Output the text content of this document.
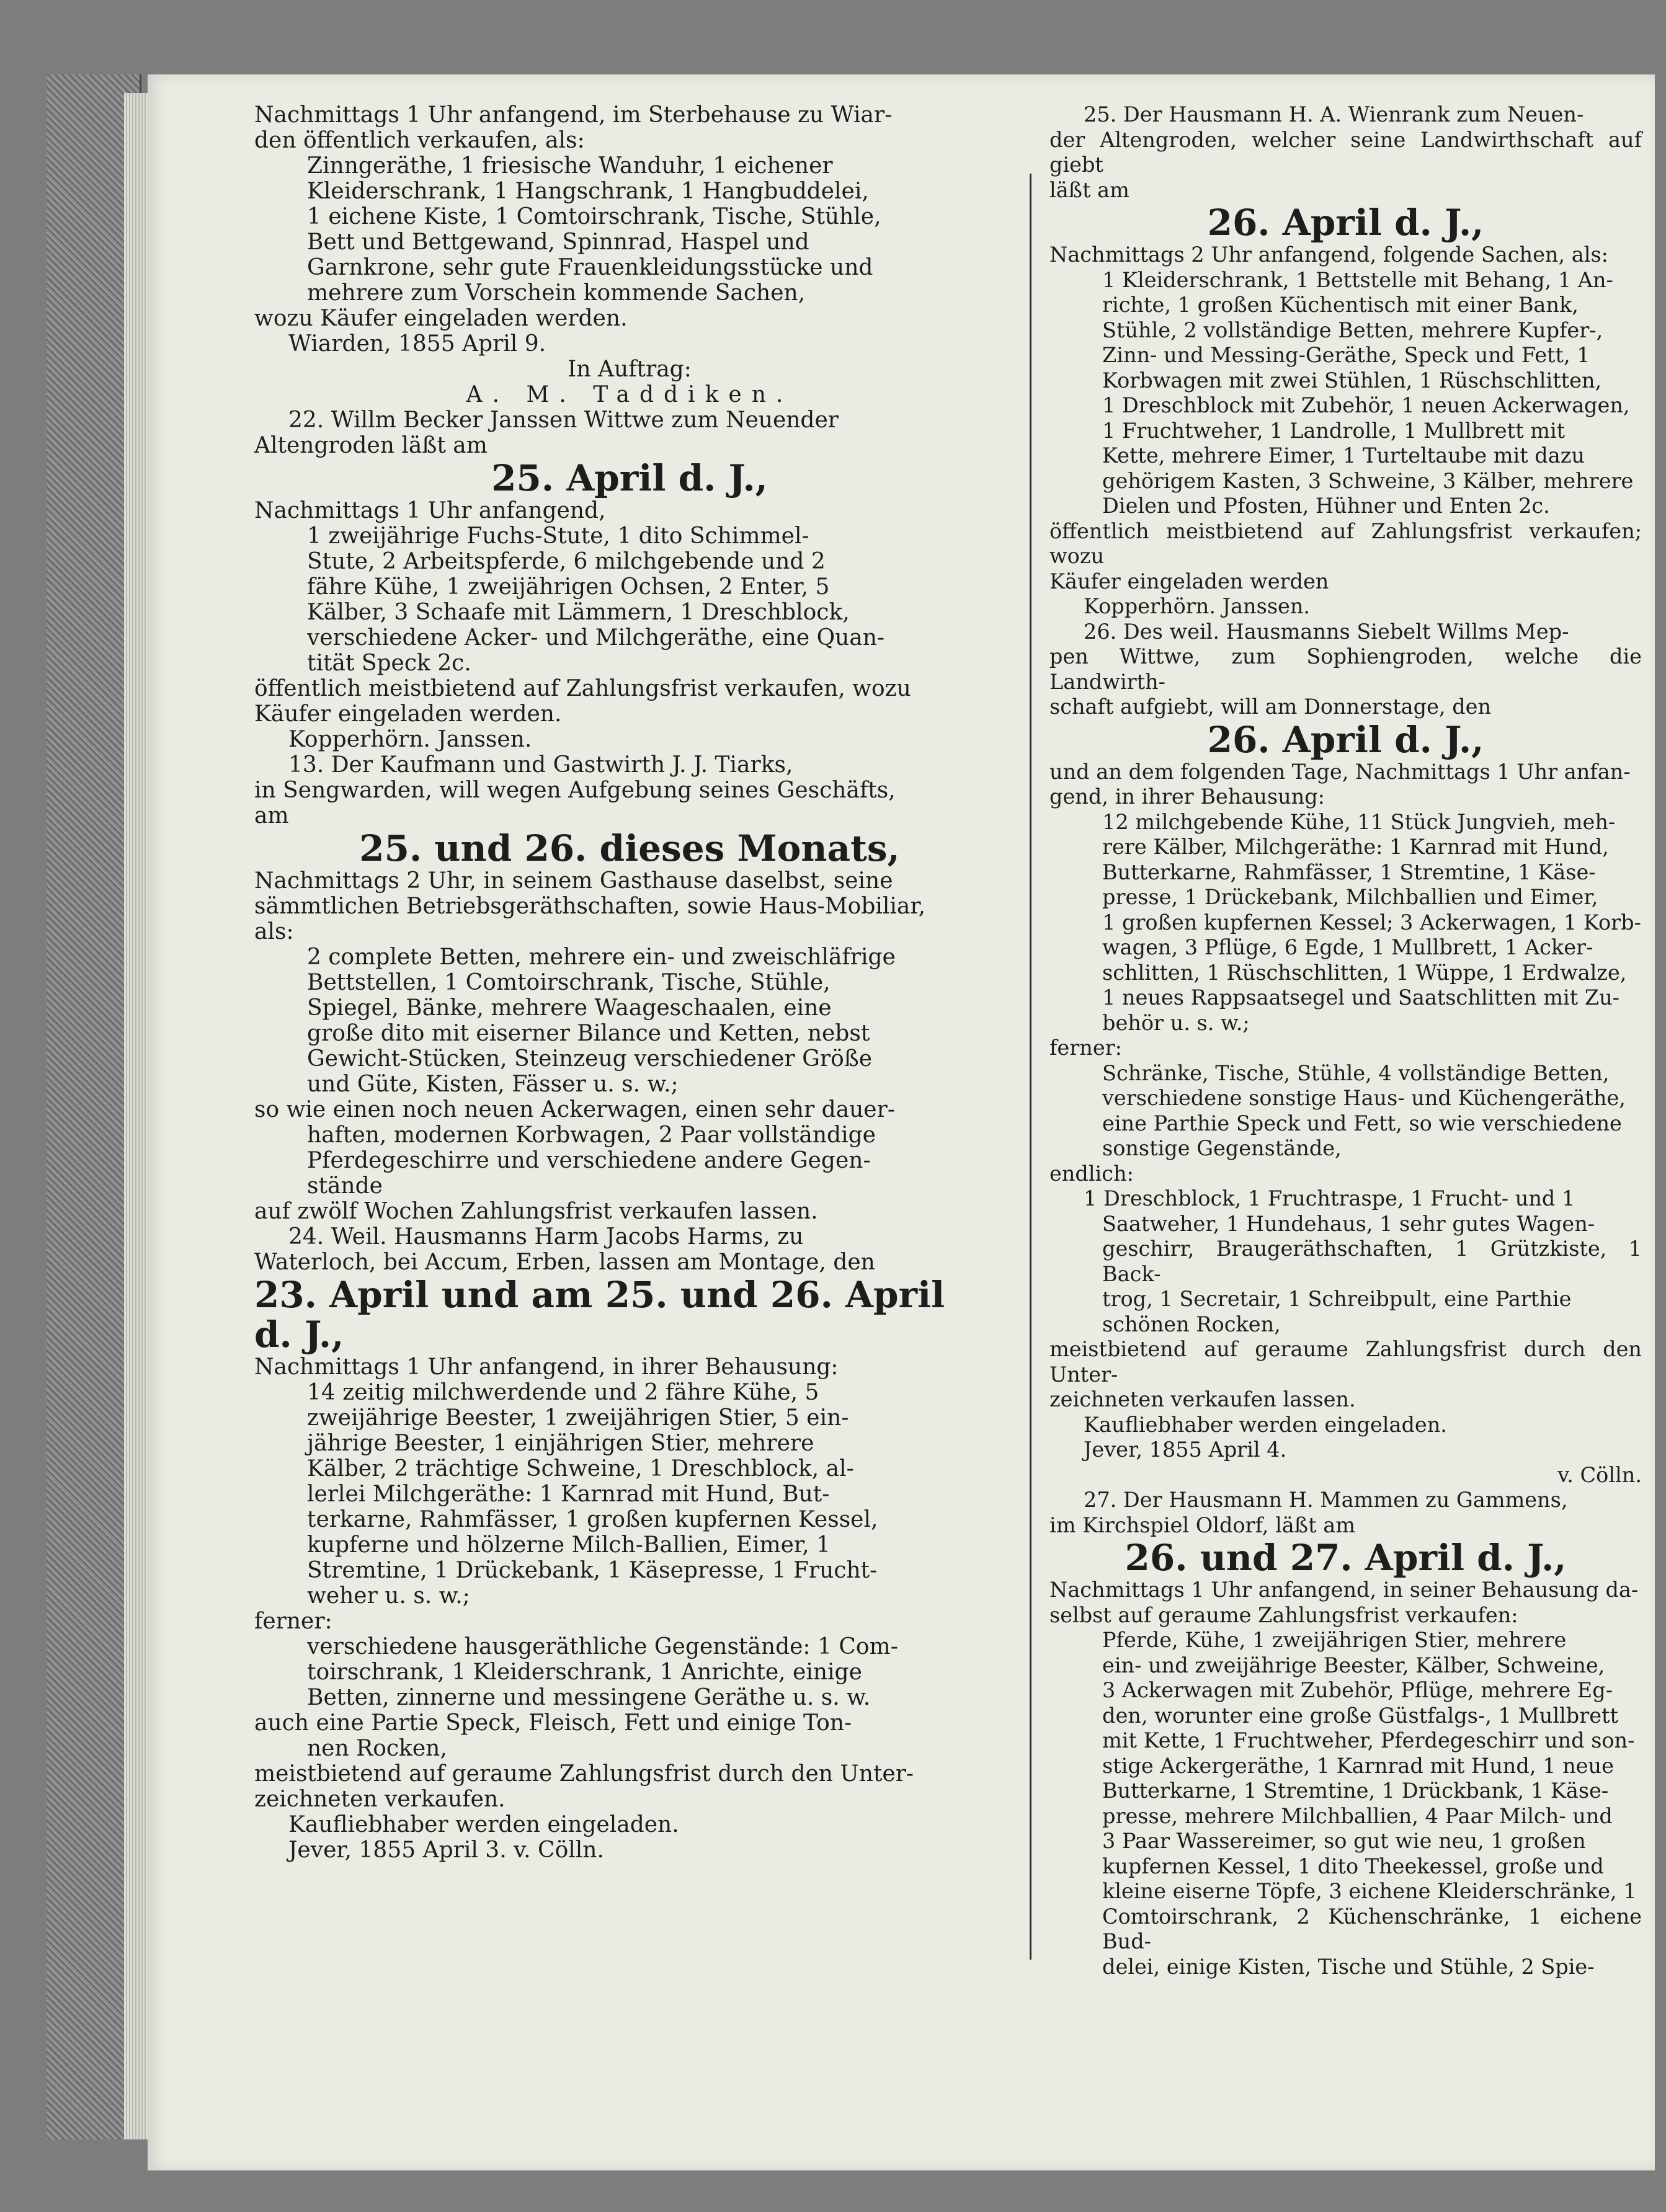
Nachmittags 1 Uhr anfangend, im Sterbehause zu Wiar-

den öffentlich verkaufen, als:

Zinngeräthe, 1 friesische Wanduhr, 1 eichener

Kleiderschrank, 1 Hangschrank, 1 Hangbuddelei,

1 eichene Kiste, 1 Comtoirschrank, Tische, Stühle,

Bett und Bettgewand, Spinnrad, Haspel und

Garnkrone, sehr gute Frauenkleidungsstücke und

mehrere zum Vorschein kommende Sachen,

wozu Käufer eingeladen werden.

Wiarden, 1855 April 9.

In Auftrag:

A. M. Taddiken.

22. Willm Becker Janssen Wittwe zum Neuender

Altengroden läßt am

25. April d. J.,

Nachmittags 1 Uhr anfangend,

1 zweijährige Fuchs-Stute, 1 dito Schimmel-

Stute, 2 Arbeitspferde, 6 milchgebende und 2

fähre Kühe, 1 zweijährigen Ochsen, 2 Enter, 5

Kälber, 3 Schaafe mit Lämmern, 1 Dreschblock,

verschiedene Acker- und Milchgeräthe, eine Quan-

tität Speck 2c.

öffentlich meistbietend auf Zahlungsfrist verkaufen, wozu

Käufer eingeladen werden.

Kopperhörn. Janssen.

13. Der Kaufmann und Gastwirth J. J. Tiarks,

in Sengwarden, will wegen Aufgebung seines Geschäfts,

am

25. und 26. dieses Monats,

Nachmittags 2 Uhr, in seinem Gasthause daselbst, seine

sämmtlichen Betriebsgeräthschaften, sowie Haus-Mobiliar,

als:

2 complete Betten, mehrere ein- und zweischläfrige

Bettstellen, 1 Comtoirschrank, Tische, Stühle,

Spiegel, Bänke, mehrere Waageschaalen, eine

große dito mit eiserner Bilance und Ketten, nebst

Gewicht-Stücken, Steinzeug verschiedener Größe

und Güte, Kisten, Fässer u. s. w.;

so wie einen noch neuen Ackerwagen, einen sehr dauer-

haften, modernen Korbwagen, 2 Paar vollständige

Pferdegeschirre und verschiedene andere Gegen-

stände

auf zwölf Wochen Zahlungsfrist verkaufen lassen.

24. Weil. Hausmanns Harm Jacobs Harms, zu

Waterloch, bei Accum, Erben, lassen am Montage, den

23. April und am 25. und 26. April

d. J.,

Nachmittags 1 Uhr anfangend, in ihrer Behausung:

14 zeitig milchwerdende und 2 fähre Kühe, 5

zweijährige Beester, 1 zweijährigen Stier, 5 ein-

jährige Beester, 1 einjährigen Stier, mehrere

Kälber, 2 trächtige Schweine, 1 Dreschblock, al-

lerlei Milchgeräthe: 1 Karnrad mit Hund, But-

terkarne, Rahmfässer, 1 großen kupfernen Kessel,

kupferne und hölzerne Milch-Ballien, Eimer, 1

Stremtine, 1 Drückebank, 1 Käsepresse, 1 Frucht-

weher u. s. w.;

ferner:

verschiedene hausgeräthliche Gegenstände: 1 Com-

toirschrank, 1 Kleiderschrank, 1 Anrichte, einige

Betten, zinnerne und messingene Geräthe u. s. w.

auch eine Partie Speck, Fleisch, Fett und einige Ton-

nen Rocken,

meistbietend auf geraume Zahlungsfrist durch den Unter-

zeichneten verkaufen.

Kaufliebhaber werden eingeladen.

Jever, 1855 April 3. v. Cölln.

25. Der Hausmann H. A. Wienrank zum Neuen-

der Altengroden, welcher seine Landwirthschaft auf giebt

läßt am

26. April d. J.,

Nachmittags 2 Uhr anfangend, folgende Sachen, als:

1 Kleiderschrank, 1 Bettstelle mit Behang, 1 An-

richte, 1 großen Küchentisch mit einer Bank,

Stühle, 2 vollständige Betten, mehrere Kupfer-,

Zinn- und Messing-Geräthe, Speck und Fett, 1

Korbwagen mit zwei Stühlen, 1 Rüschschlitten,

1 Dreschblock mit Zubehör, 1 neuen Ackerwagen,

1 Fruchtweher, 1 Landrolle, 1 Mullbrett mit

Kette, mehrere Eimer, 1 Turteltaube mit dazu

gehörigem Kasten, 3 Schweine, 3 Kälber, mehrere

Dielen und Pfosten, Hühner und Enten 2c.

öffentlich meistbietend auf Zahlungsfrist verkaufen; wozu

Käufer eingeladen werden

Kopperhörn. Janssen.

26. Des weil. Hausmanns Siebelt Willms Mep-

pen Wittwe, zum Sophiengroden, welche die Landwirth-

schaft aufgiebt, will am Donnerstage, den

26. April d. J.,

und an dem folgenden Tage, Nachmittags 1 Uhr anfan-

gend, in ihrer Behausung:

12 milchgebende Kühe, 11 Stück Jungvieh, meh-

rere Kälber, Milchgeräthe: 1 Karnrad mit Hund,

Butterkarne, Rahmfässer, 1 Stremtine, 1 Käse-

presse, 1 Drückebank, Milchballien und Eimer,

1 großen kupfernen Kessel; 3 Ackerwagen, 1 Korb-

wagen, 3 Pflüge, 6 Egde, 1 Mullbrett, 1 Acker-

schlitten, 1 Rüschschlitten, 1 Wüppe, 1 Erdwalze,

1 neues Rappsaatsegel und Saatschlitten mit Zu-

behör u. s. w.;

ferner:

Schränke, Tische, Stühle, 4 vollständige Betten,

verschiedene sonstige Haus- und Küchengeräthe,

eine Parthie Speck und Fett, so wie verschiedene

sonstige Gegenstände,

endlich:

1 Dreschblock, 1 Fruchtraspe, 1 Frucht- und 1

Saatweher, 1 Hundehaus, 1 sehr gutes Wagen-

geschirr, Braugeräthschaften, 1 Grützkiste, 1 Back-

trog, 1 Secretair, 1 Schreibpult, eine Parthie

schönen Rocken,

meistbietend auf geraume Zahlungsfrist durch den Unter-

zeichneten verkaufen lassen.

Kaufliebhaber werden eingeladen.

Jever, 1855 April 4.

v. Cölln.

27. Der Hausmann H. Mammen zu Gammens,

im Kirchspiel Oldorf, läßt am

26. und 27. April d. J.,

Nachmittags 1 Uhr anfangend, in seiner Behausung da-

selbst auf geraume Zahlungsfrist verkaufen:

Pferde, Kühe, 1 zweijährigen Stier, mehrere

ein- und zweijährige Beester, Kälber, Schweine,

3 Ackerwagen mit Zubehör, Pflüge, mehrere Eg-

den, worunter eine große Güstfalgs-, 1 Mullbrett

mit Kette, 1 Fruchtweher, Pferdegeschirr und son-

stige Ackergeräthe, 1 Karnrad mit Hund, 1 neue

Butterkarne, 1 Stremtine, 1 Drückbank, 1 Käse-

presse, mehrere Milchballien, 4 Paar Milch- und

3 Paar Wassereimer, so gut wie neu, 1 großen

kupfernen Kessel, 1 dito Theekessel, große und

kleine eiserne Töpfe, 3 eichene Kleiderschränke, 1

Comtoirschrank, 2 Küchenschränke, 1 eichene Bud-

delei, einige Kisten, Tische und Stühle, 2 Spie-
